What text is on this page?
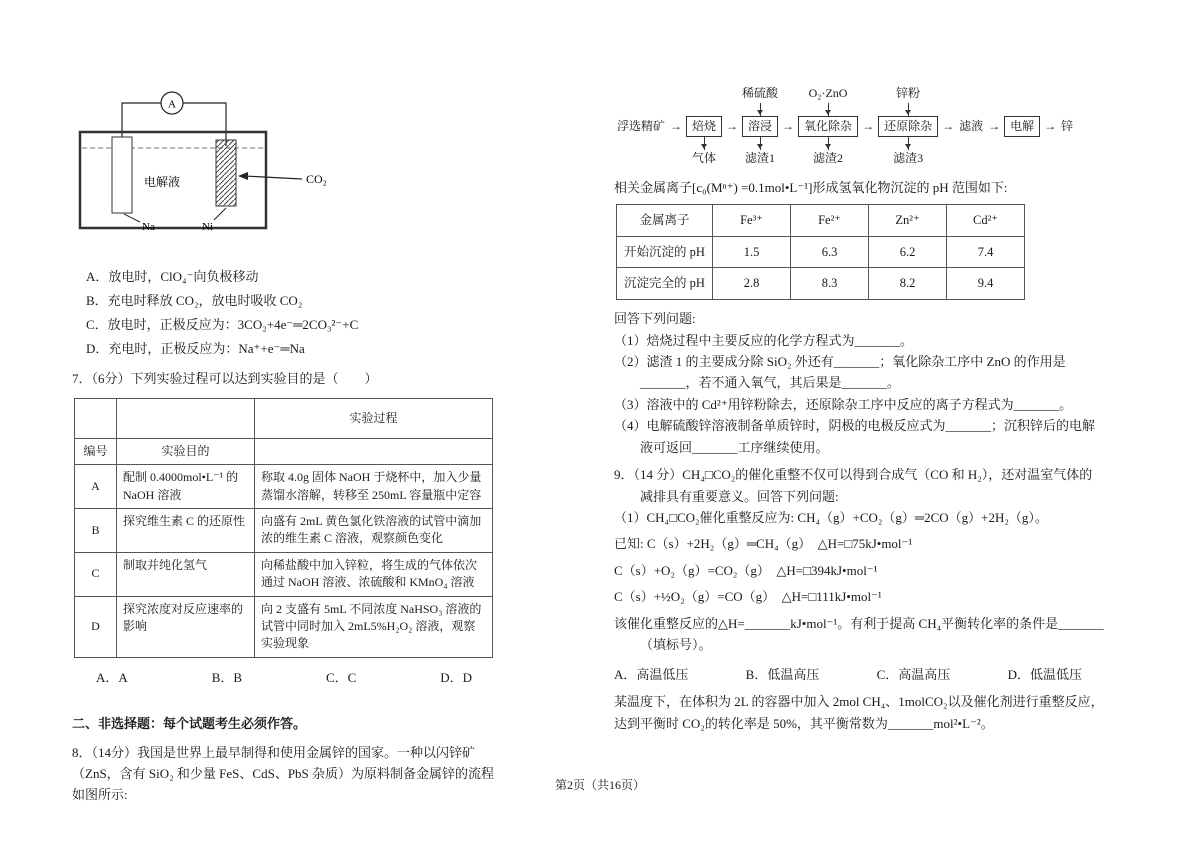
A
电解液	CO₂
Na	Ni
A．放电时，ClO₄⁻向负极移动
B．充电时释放 CO₂，放电时吸收 CO₂
C．放电时，正极反应为：3CO₂+4e⁻═2CO₃²⁻+C
D．充电时，正极反应为：Na⁺+e⁻═Na
7．（6分）下列实验过程可以达到实验目的是（　　）
		实验过程
编号	实验目的	
A	配制 0.4000mol•L⁻¹ 的 NaOH 溶液	称取 4.0g 固体 NaOH 于烧杯中，加入少量蒸馏水溶解，转移至 250mL 容量瓶中定容
B	探究维生素 C 的还原性	向盛有 2mL 黄色氯化铁溶液的试管中滴加浓的维生素 C 溶液，观察颜色变化
C	制取并纯化氢气	向稀盐酸中加入锌粒，将生成的气体依次通过 NaOH 溶液、浓硫酸和 KMnO₄ 溶液
D	探究浓度对反应速率的影响	向 2 支盛有 5mL 不同浓度 NaHSO₃ 溶液的试管中同时加入 2mL5%H₂O₂ 溶液，观察实验现象
A．A	B．B	C．C	D．D
二、非选择题：每个试题考生必须作答。
8．（14分）我国是世界上最早制得和使用金属锌的国家。一种以闪锌矿（ZnS，含有 SiO₂ 和少量 FeS、CdS、PbS 杂质）为原料制备金属锌的流程如图所示:
稀硫酸	O₂·ZnO	锌粉
浮选精矿 → 焙烧 → 溶浸 → 氧化除杂 → 还原除杂 → 滤液 → 电解 → 锌
气体 滤渣1	滤渣2	滤渣3
相关金属离子[c₀(Mⁿ⁺) =0.1mol•L⁻¹]形成氢氧化物沉淀的 pH 范围如下:
金属离子	Fe³⁺	Fe²⁺	Zn²⁺	Cd²⁺
开始沉淀的 pH	1.5	6.3	6.2	7.4
沉淀完全的 pH	2.8	8.3	8.2	9.4
回答下列问题:
（1）焙烧过程中主要反应的化学方程式为_______。
（2）滤渣 1 的主要成分除 SiO₂ 外还有_______；氧化除杂工序中 ZnO 的作用是_______，若不通入氧气，其后果是_______。
（3）溶液中的 Cd²⁺用锌粉除去，还原除杂工序中反应的离子方程式为_______。
（4）电解硫酸锌溶液制备单质锌时，阴极的电极反应式为_______；沉积锌后的电解液可返回_______工序继续使用。
9．（14 分）CH₄□CO₂的催化重整不仅可以得到合成气（CO 和 H₂），还对温室气体的减排具有重要意义。回答下列问题:
（1）CH₄□CO₂催化重整反应为: CH₄（g）+CO₂（g）═2CO（g）+2H₂（g）。
已知: C（s）+2H₂（g）═CH₄（g）　△H=□75kJ•mol⁻¹
C（s）+O₂（g）=CO₂（g）　△H=□394kJ•mol⁻¹
C（s）+½O₂（g）=CO（g）　△H=□111kJ•mol⁻¹
该催化重整反应的△H=_______kJ•mol⁻¹。有利于提高 CH₄平衡转化率的条件是_______（填标号）。
A．高温低压	B．低温高压	C．高温高压	D．低温低压
某温度下，在体积为 2L 的容器中加入 2mol CH₄、1molCO₂以及催化剂进行重整反应，达到平衡时 CO₂的转化率是 50%，其平衡常数为_______mol²•L⁻²。
第2页（共16页）
